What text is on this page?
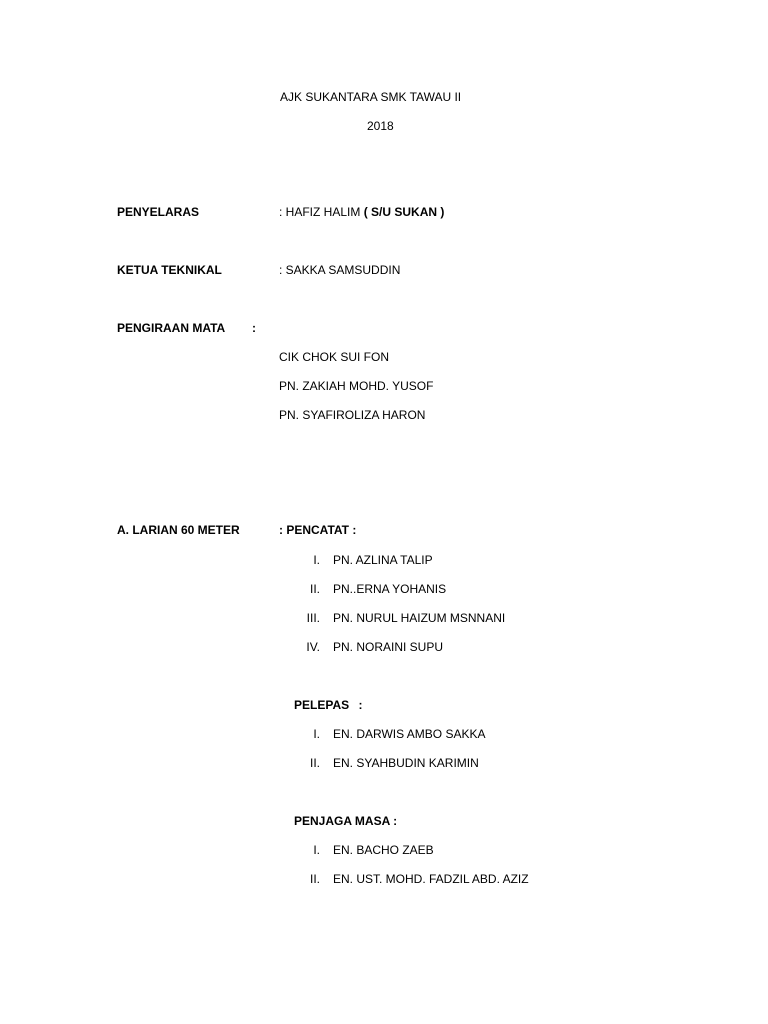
AJK SUKANTARA SMK TAWAU II
2018
PENYELARAS	: HAFIZ HALIM ( S/U SUKAN )
KETUA TEKNIKAL	: SAKKA SAMSUDDIN
PENGIRAAN MATA :
CIK CHOK SUI FON
PN. ZAKIAH MOHD. YUSOF
PN. SYAFIROLIZA HARON
A. LARIAN 60 METER	: PENCATAT :
I. PN. AZLINA TALIP
II. PN..ERNA YOHANIS
III. PN. NURUL HAIZUM MSNNANI
IV. PN. NORAINI SUPU
PELEPAS :
I. EN. DARWIS AMBO SAKKA
II. EN. SYAHBUDIN KARIMIN
PENJAGA MASA :
I. EN. BACHO ZAEB
II. EN. UST. MOHD. FADZIL ABD. AZIZ
